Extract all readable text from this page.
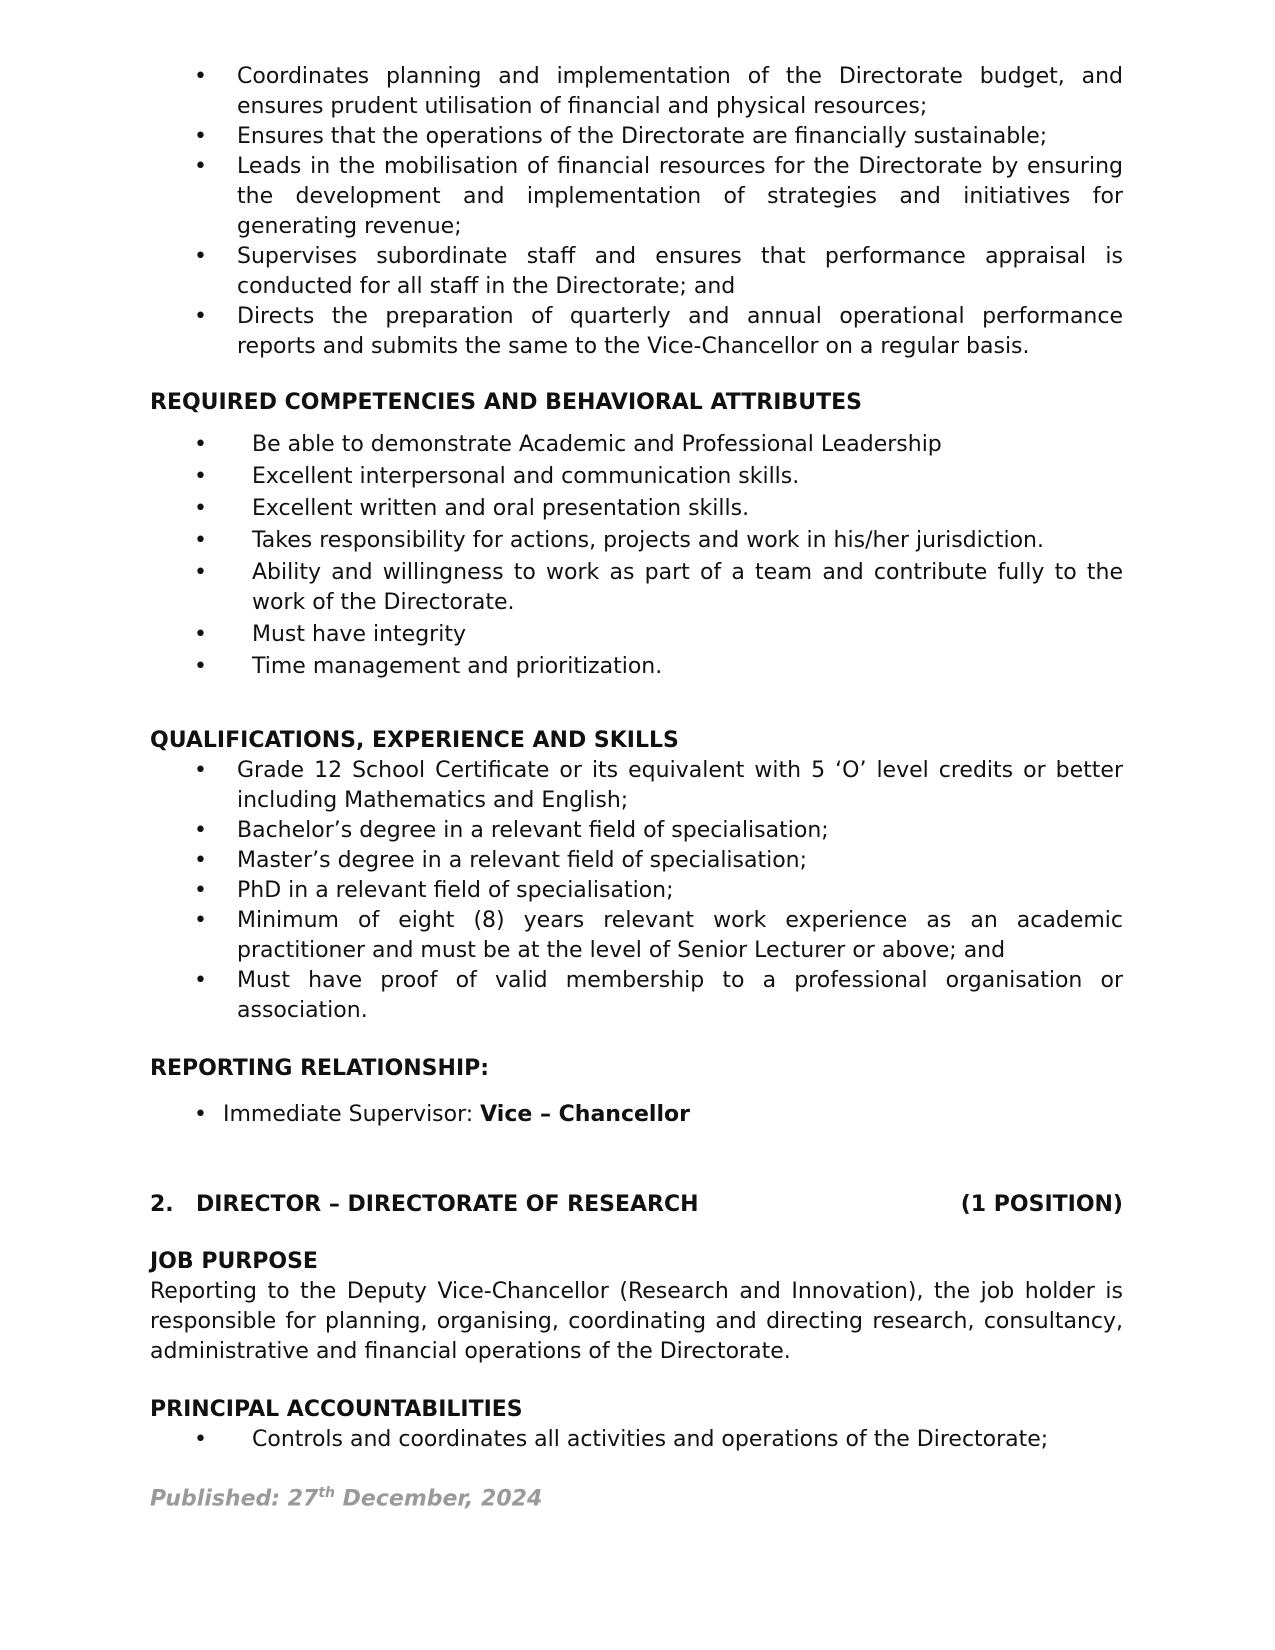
• Coordinates planning and implementation of the Directorate budget, and ensures prudent utilisation of financial and physical resources;
• Ensures that the operations of the Directorate are financially sustainable;
• Leads in the mobilisation of financial resources for the Directorate by ensuring the development and implementation of strategies and initiatives for generating revenue;
• Supervises subordinate staff and ensures that performance appraisal is conducted for all staff in the Directorate; and
• Directs the preparation of quarterly and annual operational performance reports and submits the same to the Vice-Chancellor on a regular basis.
REQUIRED COMPETENCIES AND BEHAVIORAL ATTRIBUTES
• Be able to demonstrate Academic and Professional Leadership
• Excellent interpersonal and communication skills.
• Excellent written and oral presentation skills.
• Takes responsibility for actions, projects and work in his/her jurisdiction.
• Ability and willingness to work as part of a team and contribute fully to the work of the Directorate.
• Must have integrity
• Time management and prioritization.
QUALIFICATIONS, EXPERIENCE AND SKILLS
• Grade 12 School Certificate or its equivalent with 5 ‘O’ level credits or better including Mathematics and English;
• Bachelor’s degree in a relevant field of specialisation;
• Master’s degree in a relevant field of specialisation;
• PhD in a relevant field of specialisation;
• Minimum of eight (8) years relevant work experience as an academic practitioner and must be at the level of Senior Lecturer or above; and
• Must have proof of valid membership to a professional organisation or association.
REPORTING RELATIONSHIP:
• Immediate Supervisor: Vice – Chancellor
2. DIRECTOR – DIRECTORATE OF RESEARCH	(1 POSITION)
JOB PURPOSE

Reporting to the Deputy Vice-Chancellor (Research and Innovation), the job holder is responsible for planning, organising, coordinating and directing research, consultancy, administrative and financial operations of the Directorate.

PRINCIPAL ACCOUNTABILITIES
• Controls and coordinates all activities and operations of the Directorate;
Published: 27th December, 2024
